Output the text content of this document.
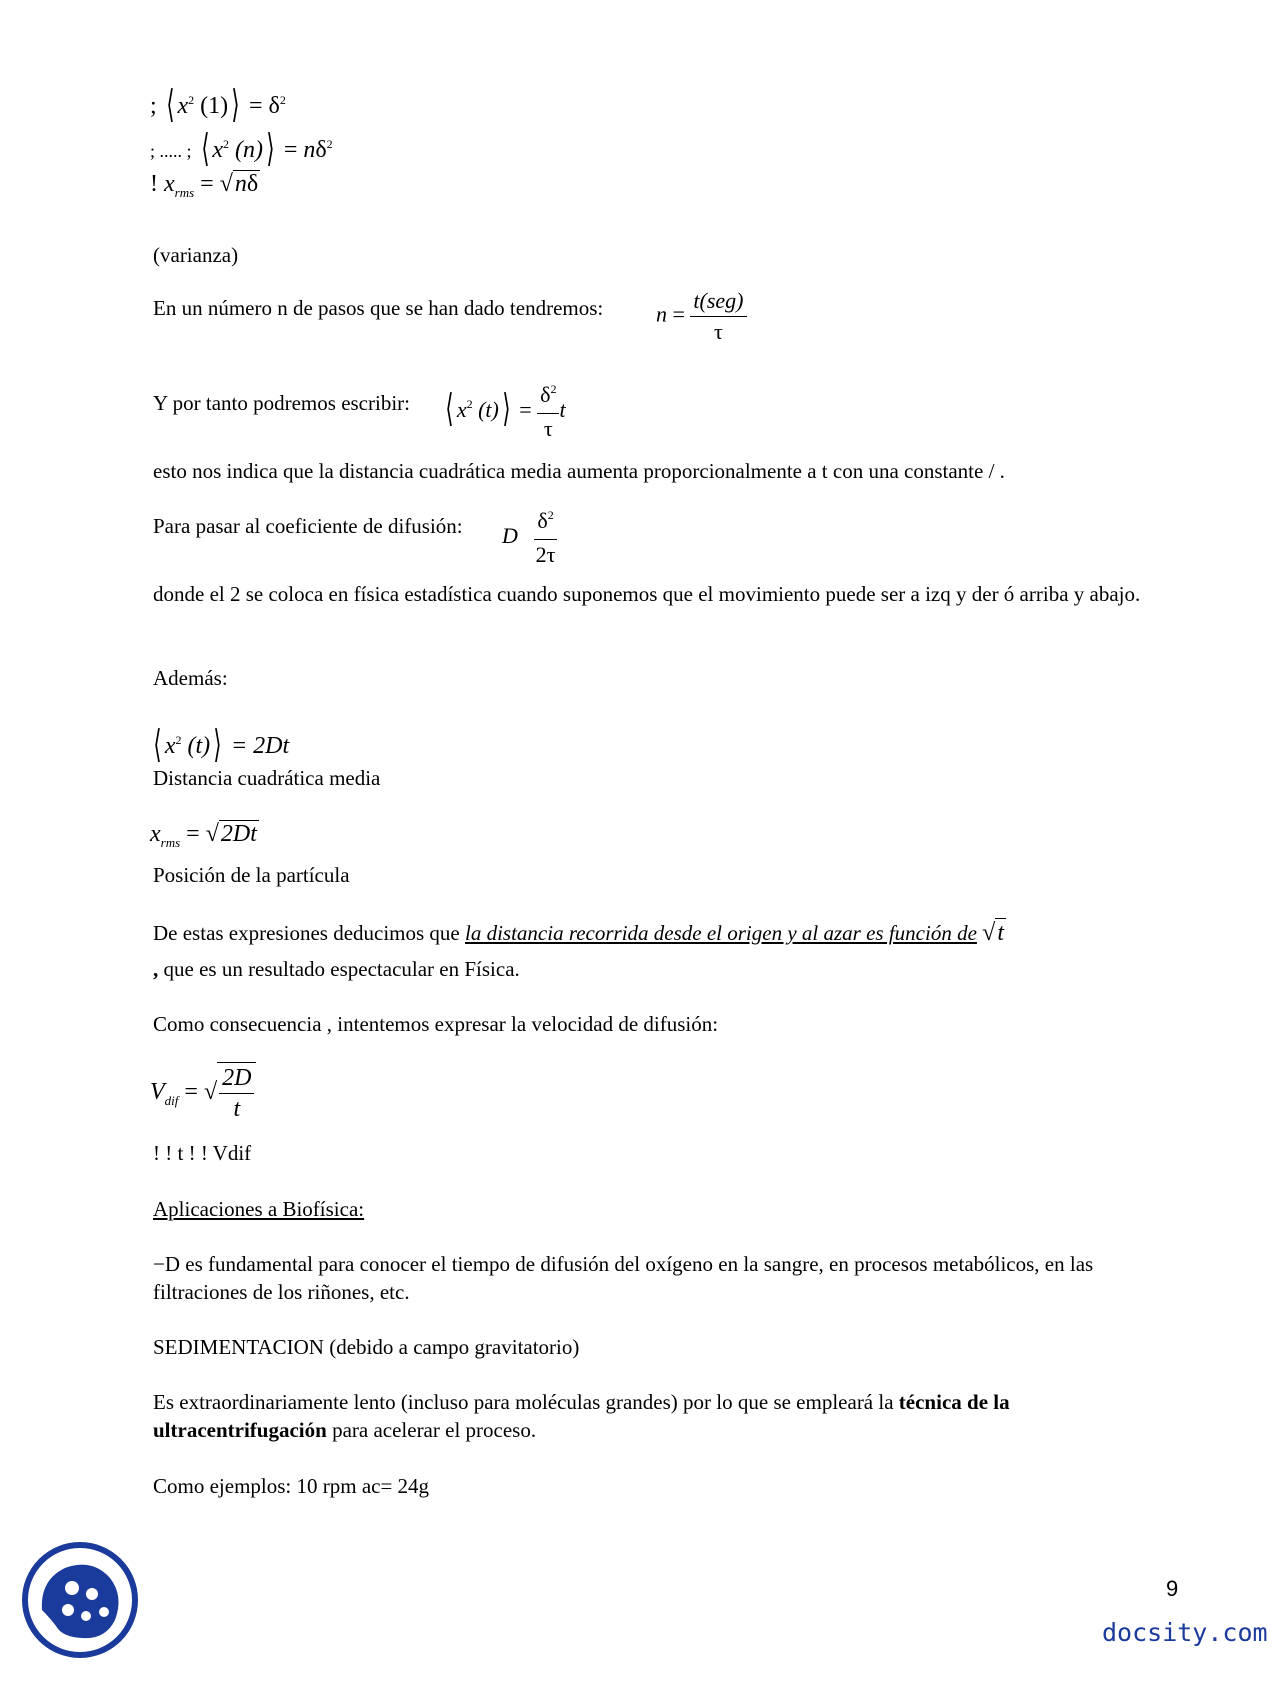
; ⟨ $x^2$ (1)⟩ = $\delta^2$
; ..... ; ⟨ $x^2$ (n)⟩ = $n\delta^2$
! $x_{rms} = √n\delta$
(varianza)
En un número n de pasos que se han dado tendremos: $n = \frac{\text{t(seg)}}{\tau}$
Y por tanto podremos escribir: ⟨ $x^2$ (t)⟩ = $\frac{\delta^2}{\tau}$ t
esto nos indica que la distancia cuadrática media aumenta proporcionalmente a t con una constante / .
Para pasar al coeficiente de difusión: D $\frac{\delta^2}{2\tau}$
donde el 2 se coloca en física estadística cuando suponemos que el movimiento puede ser a izq y der ó arriba y abajo.
Además:
⟨ $x^2$ (t)⟩ = 2Dt
Distancia cuadrática media
$x_{rms} = √2Dt$
Posición de la partícula
De estas expresiones deducimos que la distancia recorrida desde el origen y al azar es función de √t
, que es un resultado espectacular en Física.
Como consecuencia , intentemos expresar la velocidad de difusión:
$V_{dif}$ = √ $\frac{2D}{t}$
! ! t ! ! Vdif
Aplicaciones a Biofísica:
−D es fundamental para conocer el tiempo de difusión del oxígeno en la sangre, en procesos metabólicos, en las filtraciones de los riñones, etc.
SEDIMENTACION (debido a campo gravitatorio)
Es extraordinariamente lento (incluso para moléculas grandes) por lo que se empleará la técnica de la ultracentrifugación para acelerar el proceso.
Como ejemplos: 10 rpm ac= 24g
9
docsity.com
